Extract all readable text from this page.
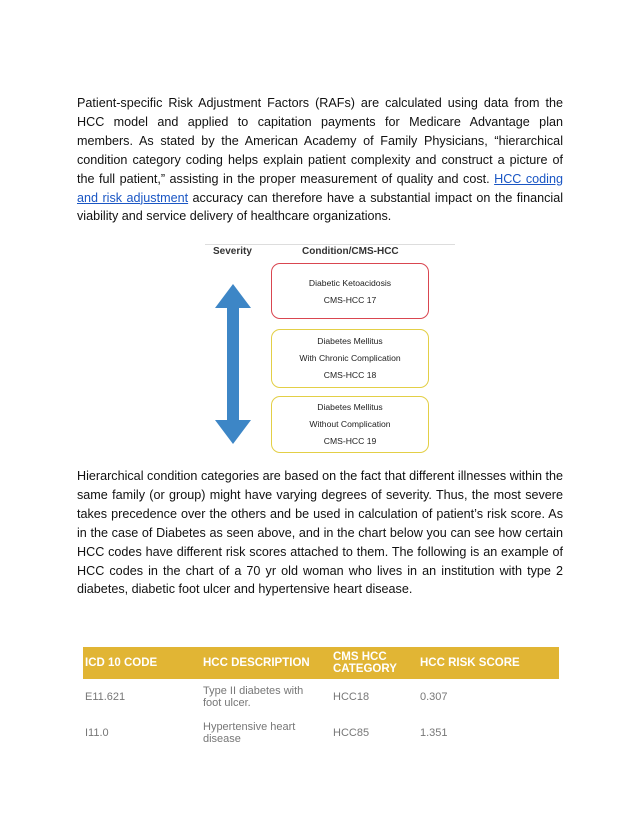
Patient-specific Risk Adjustment Factors (RAFs) are calculated using data from the HCC model and applied to capitation payments for Medicare Advantage plan members. As stated by the American Academy of Family Physicians, “hierarchical condition category coding helps explain patient complexity and construct a picture of the full patient,” assisting in the proper measurement of quality and cost. HCC coding and risk adjustment accuracy can therefore have a substantial impact on the financial viability and service delivery of healthcare organizations.

Severity	Condition/CMS-HCC
Diabetic Ketoacidosis
CMS-HCC 17
Diabetes Mellitus
With Chronic Complication
CMS-HCC 18
Diabetes Mellitus
Without Complication
CMS-HCC 19

Hierarchical condition categories are based on the fact that different illnesses within the same family (or group) might have varying degrees of severity. Thus, the most severe takes precedence over the others and be used in calculation of patient’s risk score. As in the case of Diabetes as seen above, and in the chart below you can see how certain HCC codes have different risk scores attached to them. The following is an example of HCC codes in the chart of a 70 yr old woman who lives in an institution with type 2 diabetes, diabetic foot ulcer and hypertensive heart disease.

ICD 10 CODE	HCC DESCRIPTION	CMS HCC CATEGORY	HCC RISK SCORE
E11.621	Type II diabetes with foot ulcer.	HCC18	0.307
I11.0	Hypertensive heart disease	HCC85	1.351
